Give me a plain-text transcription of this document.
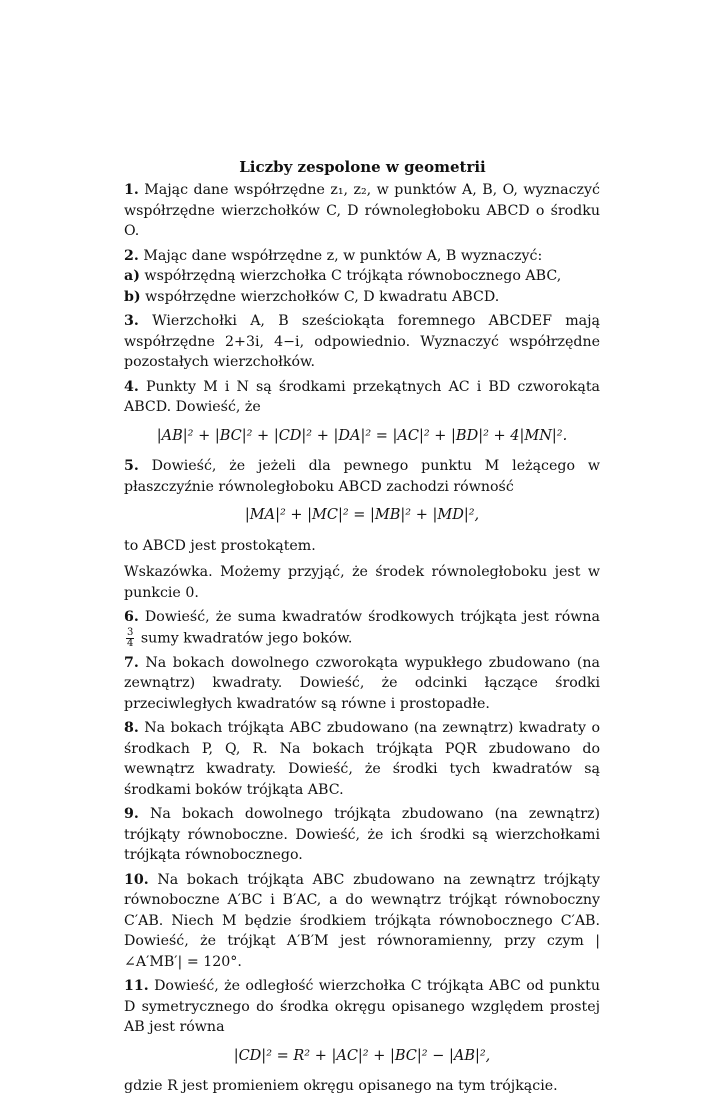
Liczby zespolone w geometrii
1. Mając dane współrzędne z₁, z₂, w punktów A, B, O, wyznaczyć współrzędne wierzchołków C, D równoległoboku ABCD o środku O.
2. Mając dane współrzędne z, w punktów A, B wyznaczyć:
a) współrzędną wierzchołka C trójkąta równobocznego ABC,
b) współrzędne wierzchołków C, D kwadratu ABCD.
3. Wierzchołki A, B sześciokąta foremnego ABCDEF mają współrzędne 2+3i, 4−i, odpowiednio. Wyznaczyć współrzędne pozostałych wierzchołków.
4. Punkty M i N są środkami przekątnych AC i BD czworokąta ABCD. Dowieść, że
|AB|² + |BC|² + |CD|² + |DA|² = |AC|² + |BD|² + 4|MN|².
5. Dowieść, że jeżeli dla pewnego punktu M leżącego w płaszczyźnie równoległoboku ABCD zachodzi równość
|MA|² + |MC|² = |MB|² + |MD|²,
to ABCD jest prostokątem.
Wskazówka. Możemy przyjąć, że środek równoległoboku jest w punkcie 0.
6. Dowieść, że suma kwadratów środkowych trójkąta jest równa
$\frac{3}{4}$ sumy kwadratów jego boków.
7. Na bokach dowolnego czworokąta wypukłego zbudowano (na zewnątrz) kwadraty. Dowieść, że odcinki łączące środki przeciwległych kwadratów są równe i prostopadłe.
8. Na bokach trójkąta ABC zbudowano (na zewnątrz) kwadraty o środkach P, Q, R. Na bokach trójkąta PQR zbudowano do wewnątrz kwadraty. Dowieść, że środki tych kwadratów są środkami boków trójkąta ABC.
9. Na bokach dowolnego trójkąta zbudowano (na zewnątrz) trójkąty równoboczne. Dowieść, że ich środki są wierzchołkami trójkąta równobocznego.
10. Na bokach trójkąta ABC zbudowano na zewnątrz trójkąty równoboczne A′BC i B′AC, a do wewnątrz trójkąt równoboczny C′AB. Niech M będzie środkiem trójkąta równobocznego C′AB. Dowieść, że trójkąt A′B′M jest równoramienny, przy czym |∠A′MB′| = 120°.
11. Dowieść, że odległość wierzchołka C trójkąta ABC od punktu D symetrycznego do środka okręgu opisanego względem prostej AB jest równa
|CD|² = R² + |AC|² + |BC|² − |AB|²,
gdzie R jest promieniem okręgu opisanego na tym trójkącie.
